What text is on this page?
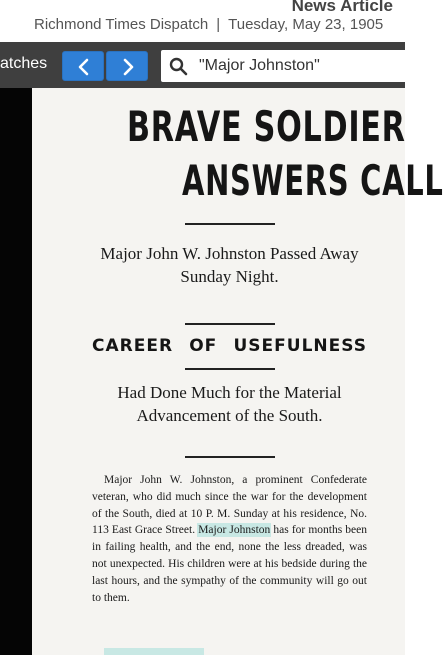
News Article
Richmond Times Dispatch | Tuesday, May 23, 1905
atches
"Major Johnston"
BRAVE SOLDIER
ANSWERS CALL
Major John W. Johnston Passed Away Sunday Night.
CAREER OF USEFULNESS
Had Done Much for the Material Advancement of the South.
Major John W. Johnston, a prominent Confederate veteran, who did much since the war for the development of the South, died at 10 P. M. Sunday at his residence, No. 113 East Grace Street. Major Johnston has for months been in failing health, and the end, none the less dreaded, was not unexpected. His children were at his bedside during the last hours, and the sympathy of the community will go out to them.
